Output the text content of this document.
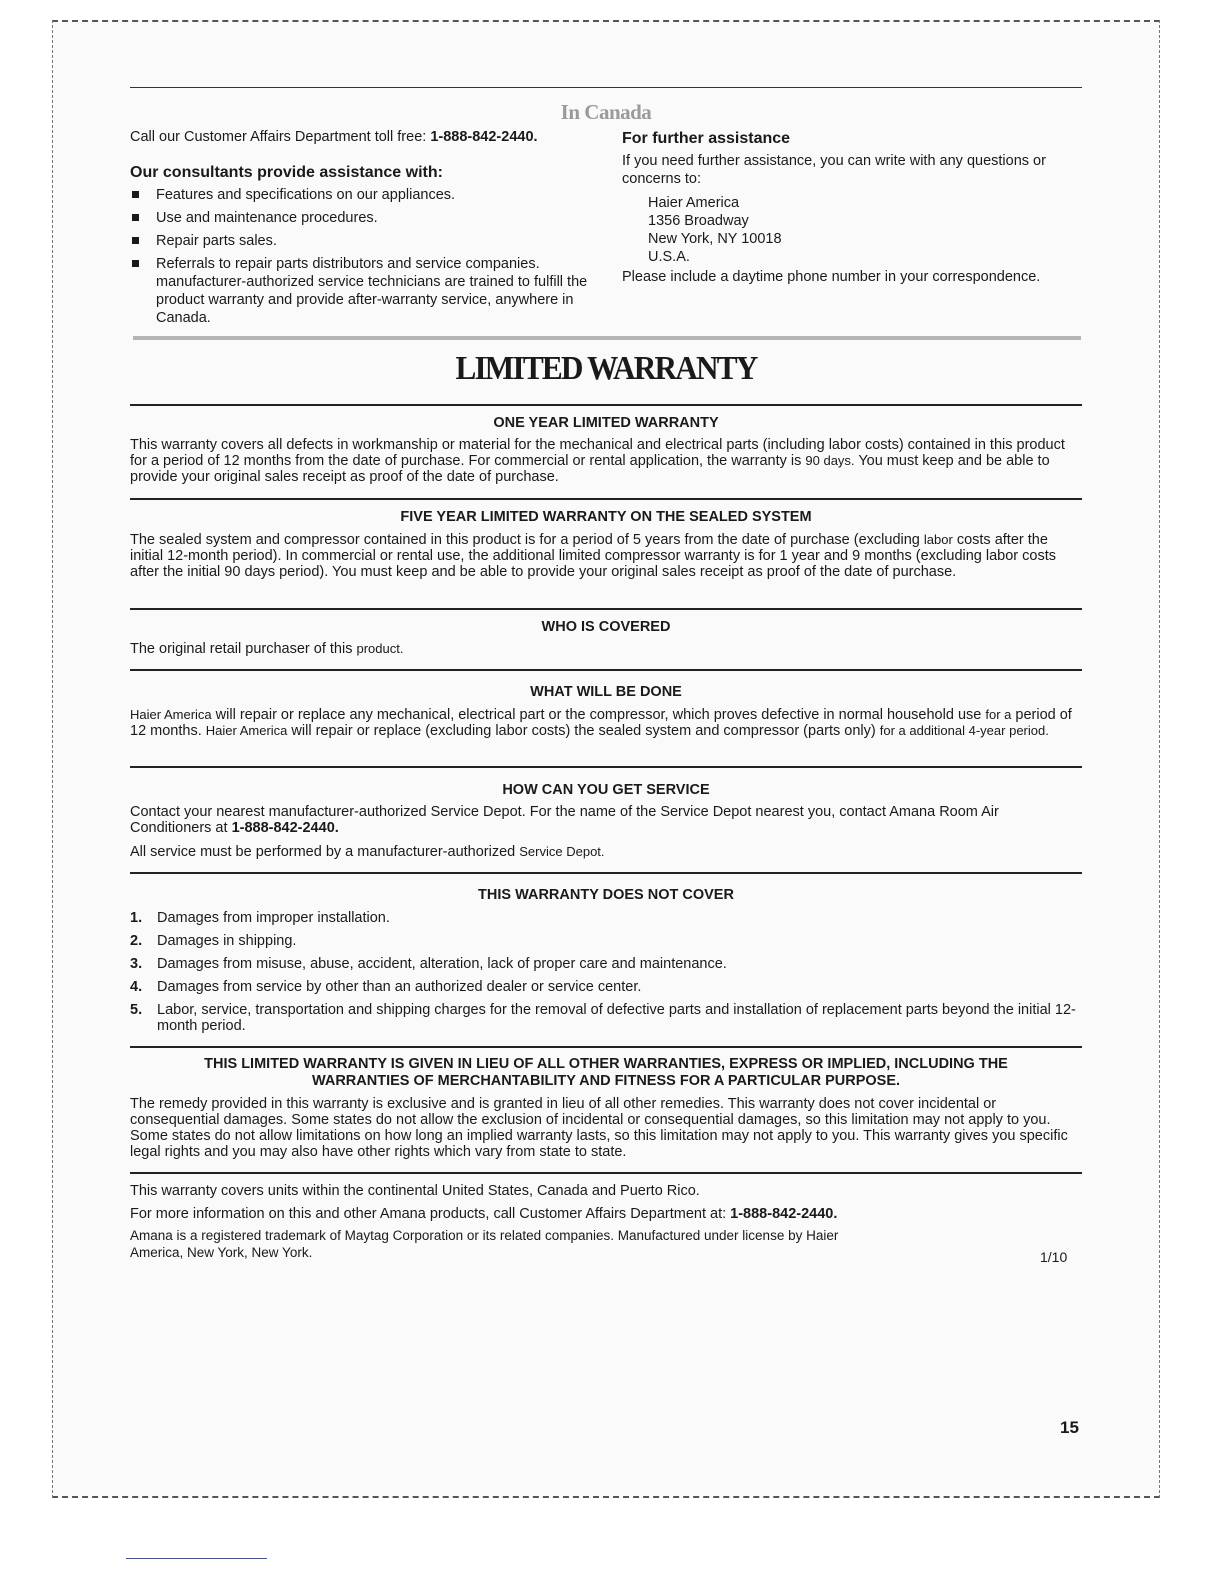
In Canada
Call our Customer Affairs Department toll free: 1-888-842-2440.
Our consultants provide assistance with:
Features and specifications on our appliances.
Use and maintenance procedures.
Repair parts sales.
Referrals to repair parts distributors and service companies. manufacturer-authorized service technicians are trained to fulfill the product warranty and provide after-warranty service, anywhere in Canada.
For further assistance
If you need further assistance, you can write with any questions or concerns to:
Haier America
1356 Broadway
New York, NY 10018
U.S.A.
Please include a daytime phone number in your correspondence.
LIMITED WARRANTY
ONE YEAR LIMITED WARRANTY
This warranty covers all defects in workmanship or material for the mechanical and electrical parts (including labor costs) contained in this product for a period of 12 months from the date of purchase. For commercial or rental application, the warranty is 90 days. You must keep and be able to provide your original sales receipt as proof of the date of purchase.
FIVE YEAR LIMITED WARRANTY ON THE SEALED SYSTEM
The sealed system and compressor contained in this product is for a period of 5 years from the date of purchase (excluding labor costs after the initial 12-month period). In commercial or rental use, the additional limited compressor warranty is for 1 year and 9 months (excluding labor costs after the initial 90 days period). You must keep and be able to provide your original sales receipt as proof of the date of purchase.
WHO IS COVERED
The original retail purchaser of this product.
WHAT WILL BE DONE
Haier America will repair or replace any mechanical, electrical part or the compressor, which proves defective in normal household use for a period of 12 months. Haier America will repair or replace (excluding labor costs) the sealed system and compressor (parts only) for a additional 4-year period.
HOW CAN YOU GET SERVICE
Contact your nearest manufacturer-authorized Service Depot. For the name of the Service Depot nearest you, contact Amana Room Air Conditioners at 1-888-842-2440.
All service must be performed by a manufacturer-authorized Service Depot.
THIS WARRANTY DOES NOT COVER
1. Damages from improper installation.
2. Damages in shipping.
3. Damages from misuse, abuse, accident, alteration, lack of proper care and maintenance.
4. Damages from service by other than an authorized dealer or service center.
5. Labor, service, transportation and shipping charges for the removal of defective parts and installation of replacement parts beyond the initial 12-month period.
THIS LIMITED WARRANTY IS GIVEN IN LIEU OF ALL OTHER WARRANTIES, EXPRESS OR IMPLIED, INCLUDING THE WARRANTIES OF MERCHANTABILITY AND FITNESS FOR A PARTICULAR PURPOSE.
The remedy provided in this warranty is exclusive and is granted in lieu of all other remedies. This warranty does not cover incidental or consequential damages. Some states do not allow the exclusion of incidental or consequential damages, so this limitation may not apply to you. Some states do not allow limitations on how long an implied warranty lasts, so this limitation may not apply to you. This warranty gives you specific legal rights and you may also have other rights which vary from state to state.
This warranty covers units within the continental United States, Canada and Puerto Rico.
For more information on this and other Amana products, call Customer Affairs Department at: 1-888-842-2440.
Amana is a registered trademark of Maytag Corporation or its related companies. Manufactured under license by Haier America, New York, New York.	1/10
15
